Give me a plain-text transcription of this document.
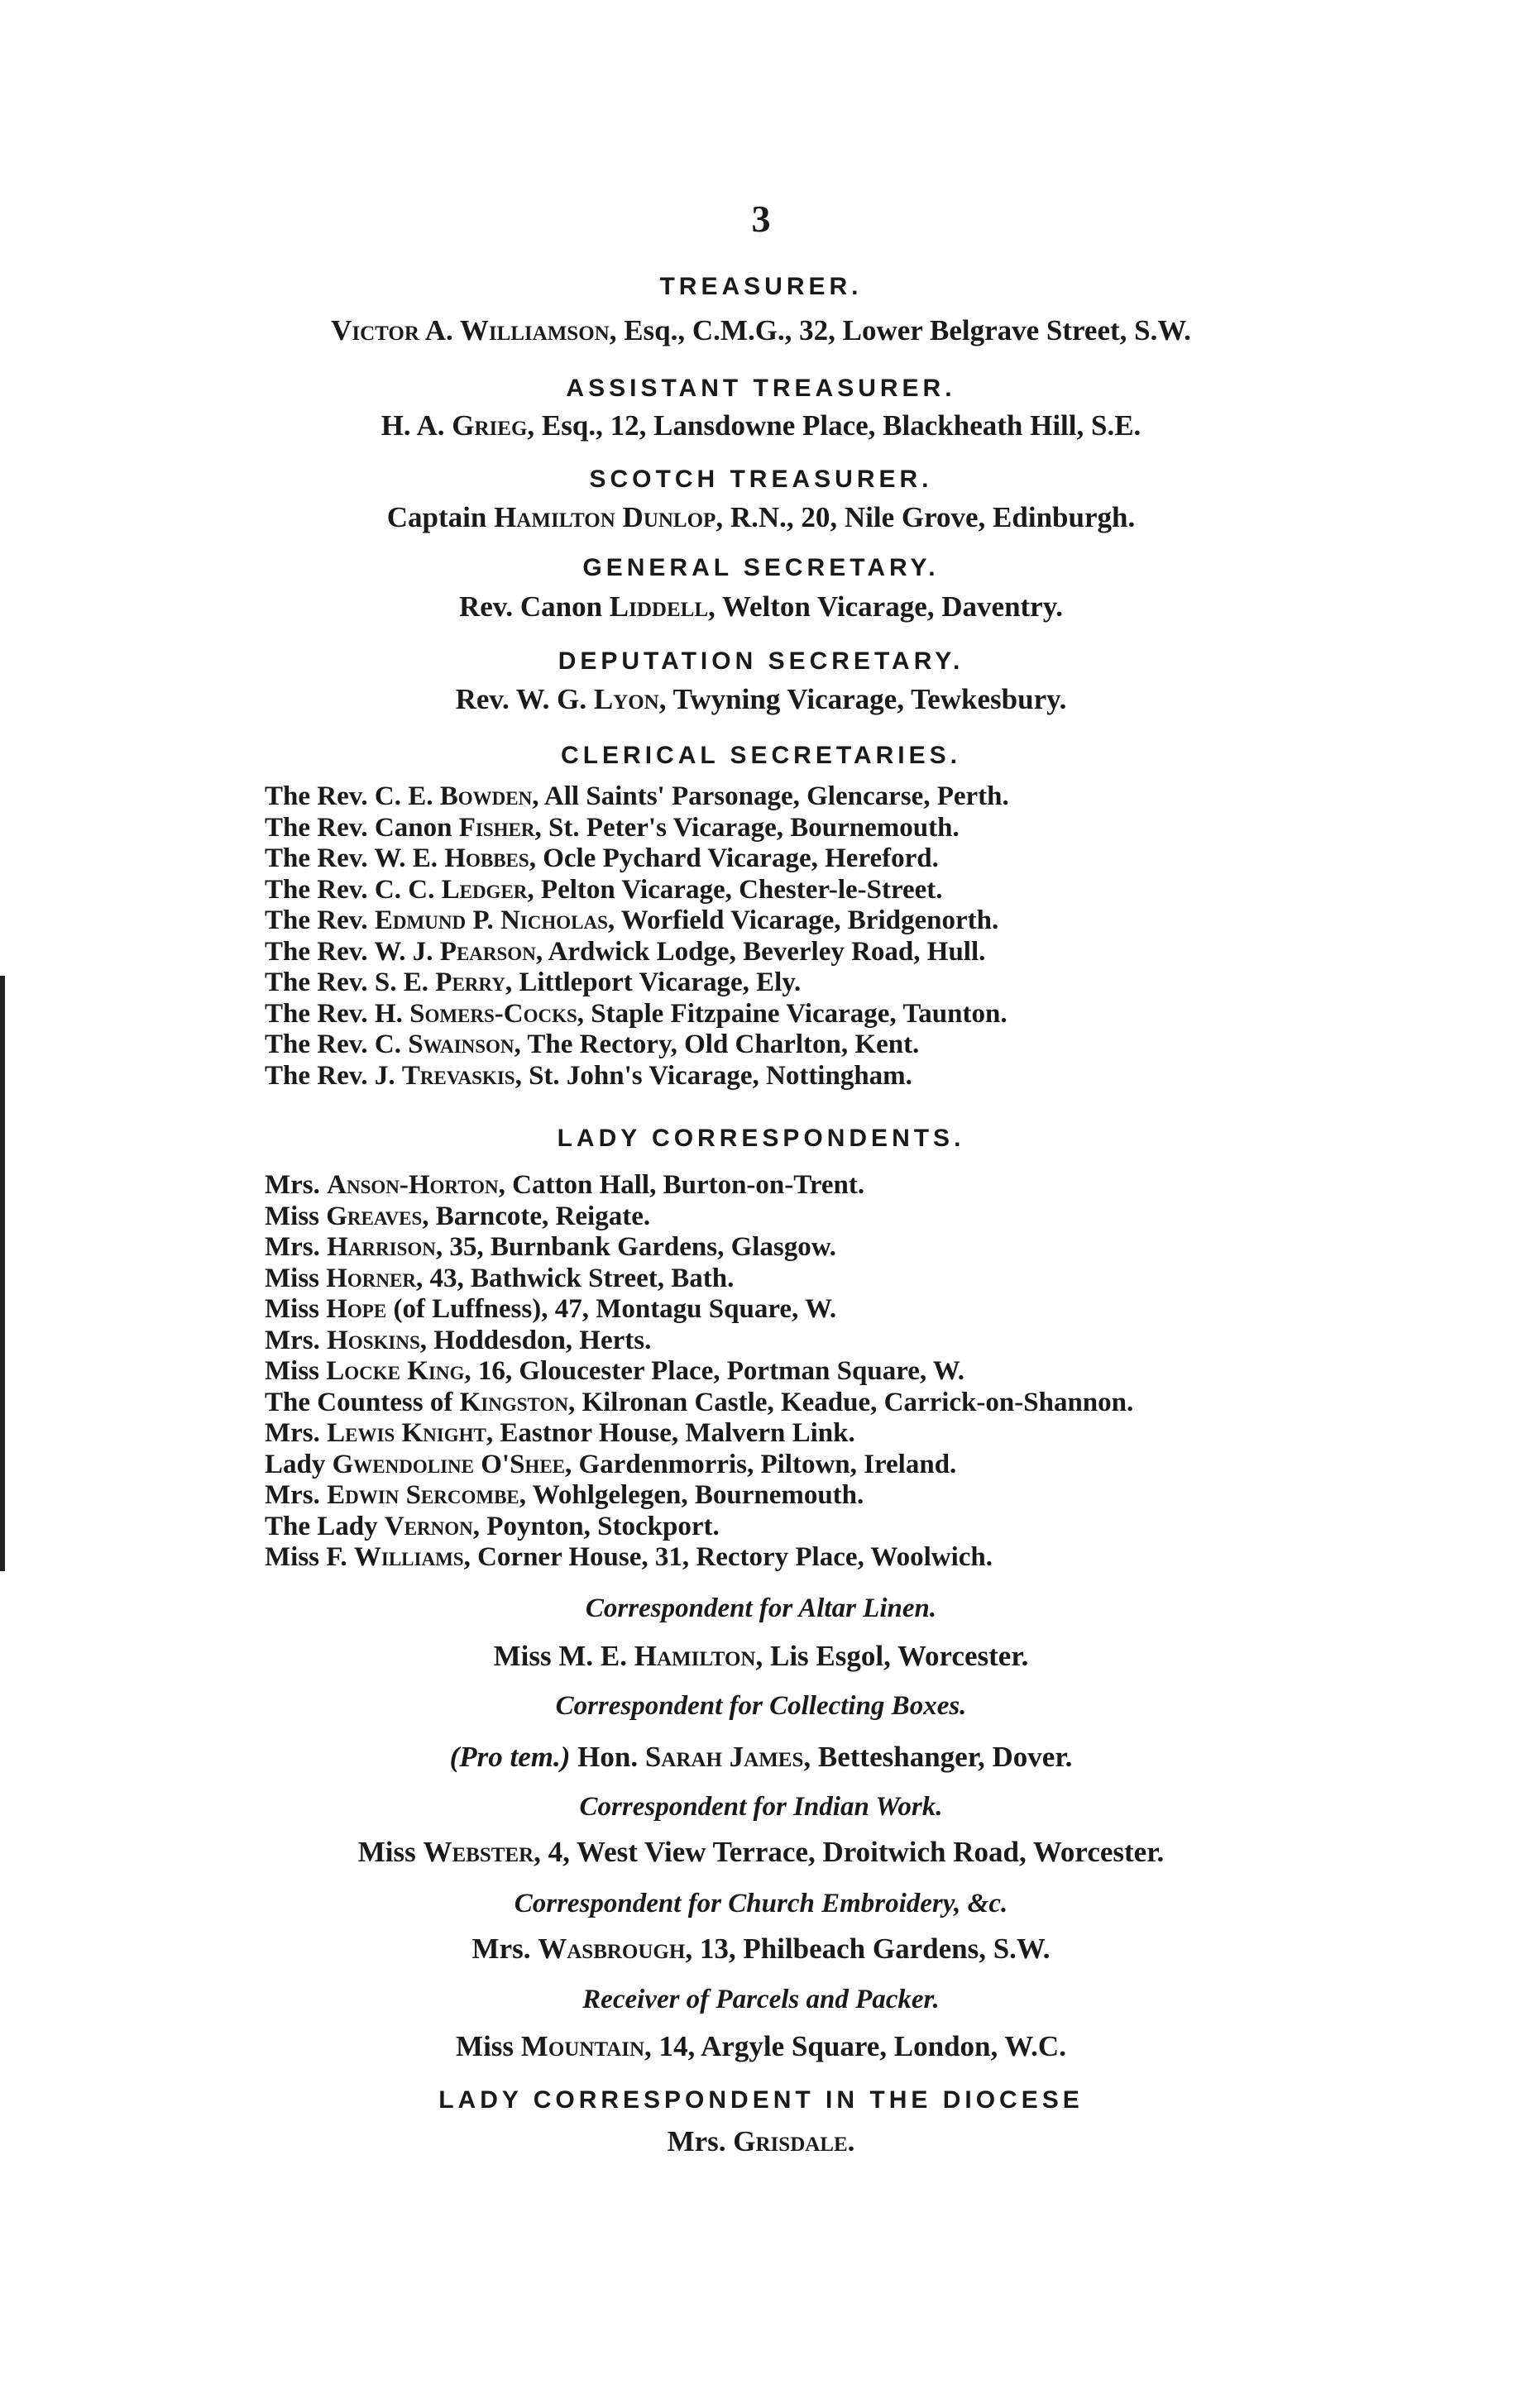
3
TREASURER.
Victor A. Williamson, Esq., C.M.G., 32, Lower Belgrave Street, S.W.
ASSISTANT TREASURER.
H. A. Grieg, Esq., 12, Lansdowne Place, Blackheath Hill, S.E.
SCOTCH TREASURER.
Captain Hamilton Dunlop, R.N., 20, Nile Grove, Edinburgh.
GENERAL SECRETARY.
Rev. Canon Liddell, Welton Vicarage, Daventry.
DEPUTATION SECRETARY.
Rev. W. G. Lyon, Twyning Vicarage, Tewkesbury.
CLERICAL SECRETARIES.
The Rev. C. E. Bowden, All Saints' Parsonage, Glencarse, Perth.
The Rev. Canon Fisher, St. Peter's Vicarage, Bournemouth.
The Rev. W. E. Hobbes, Ocle Pychard Vicarage, Hereford.
The Rev. C. C. Ledger, Pelton Vicarage, Chester-le-Street.
The Rev. Edmund P. Nicholas, Worfield Vicarage, Bridgenorth.
The Rev. W. J. Pearson, Ardwick Lodge, Beverley Road, Hull.
The Rev. S. E. Perry, Littleport Vicarage, Ely.
The Rev. H. Somers-Cocks, Staple Fitzpaine Vicarage, Taunton.
The Rev. C. Swainson, The Rectory, Old Charlton, Kent.
The Rev. J. Trevaskis, St. John's Vicarage, Nottingham.
LADY CORRESPONDENTS.
Mrs. Anson-Horton, Catton Hall, Burton-on-Trent.
Miss Greaves, Barncote, Reigate.
Mrs. Harrison, 35, Burnbank Gardens, Glasgow.
Miss Horner, 43, Bathwick Street, Bath.
Miss Hope (of Luffness), 47, Montagu Square, W.
Mrs. Hoskins, Hoddesdon, Herts.
Miss Locke King, 16, Gloucester Place, Portman Square, W.
The Countess of Kingston, Kilronan Castle, Keadue, Carrick-on-Shannon.
Mrs. Lewis Knight, Eastnor House, Malvern Link.
Lady Gwendoline O'Shee, Gardenmorris, Piltown, Ireland.
Mrs. Edwin Sercombe, Wohlgelegen, Bournemouth.
The Lady Vernon, Poynton, Stockport.
Miss F. Williams, Corner House, 31, Rectory Place, Woolwich.
Correspondent for Altar Linen.
Miss M. E. Hamilton, Lis Esgol, Worcester.
Correspondent for Collecting Boxes.
(Pro tem.) Hon. Sarah James, Betteshanger, Dover.
Correspondent for Indian Work.
Miss Webster, 4, West View Terrace, Droitwich Road, Worcester.
Correspondent for Church Embroidery, &c.
Mrs. Wasbrough, 13, Philbeach Gardens, S.W.
Receiver of Parcels and Packer.
Miss Mountain, 14, Argyle Square, London, W.C.
LADY CORRESPONDENT IN THE DIOCESE
Mrs. Grisdale.
